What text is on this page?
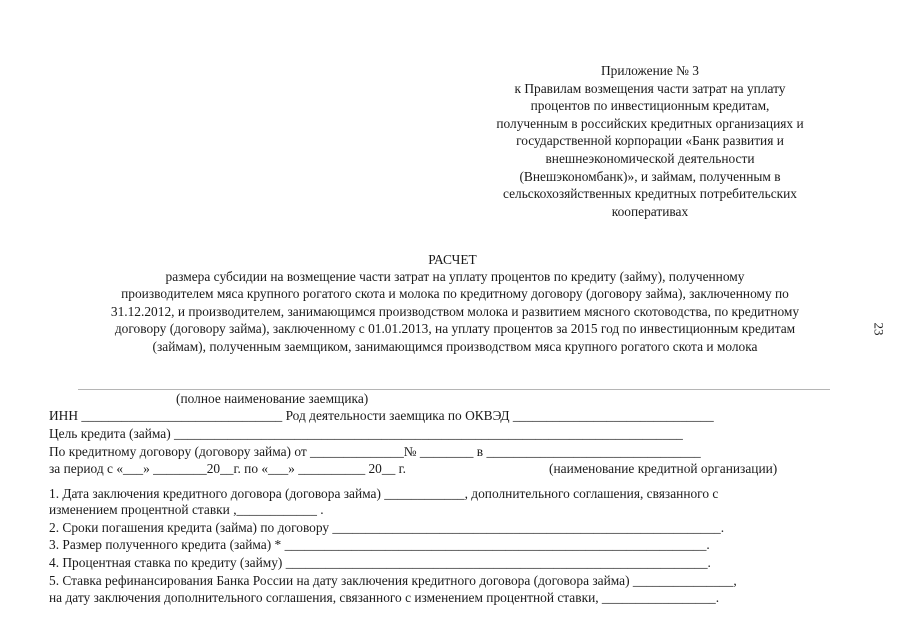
Приложение № 3
к Правилам возмещения части затрат на уплату
процентов по инвестиционным кредитам,
полученным в российских кредитных организациях и
государственной корпорации «Банк развития и
внешнеэкономической деятельности
(Внешэкономбанк)», и займам, полученным в
сельскохозяйственных кредитных потребительских
кооперативах
23
РАСЧЕТ
размера субсидии на возмещение части затрат на уплату процентов по кредиту (займу), полученному
производителем мяса крупного рогатого скота и молока по кредитному договору (договору займа), заключенному по
31.12.2012, и производителем, занимающимся производством молока и развитием мясного скотоводства, по кредитному
договору (договору займа), заключенному с 01.01.2013, на уплату процентов за 2015 год по инвестиционным кредитам
(займам), полученным заемщиком, занимающимся производством мяса крупного рогатого скота и молока
(полное наименование заемщика)
ИНН ______________________________ Род деятельности заемщика по ОКВЭД ______________________________
Цель кредита (займа) ____________________________________________________________________________
По кредитному договору (договору займа) от ______________№ ________ в ________________________________
за период с «___» ________20__г. по «___» __________ 20__ г.	(наименование кредитной организации)
1. Дата заключения кредитного договора (договора займа) ____________, дополнительного соглашения, связанного с
изменением процентной ставки ,____________ .
2. Сроки погашения кредита (займа) по договору __________________________________________________________.
3. Размер полученного кредита (займа) * _______________________________________________________________.
4. Процентная ставка по кредиту (займу) _______________________________________________________________.
5. Ставка рефинансирования Банка России на дату заключения кредитного договора (договора займа) _______________,
на дату заключения дополнительного соглашения, связанного с изменением процентной ставки, _________________.
